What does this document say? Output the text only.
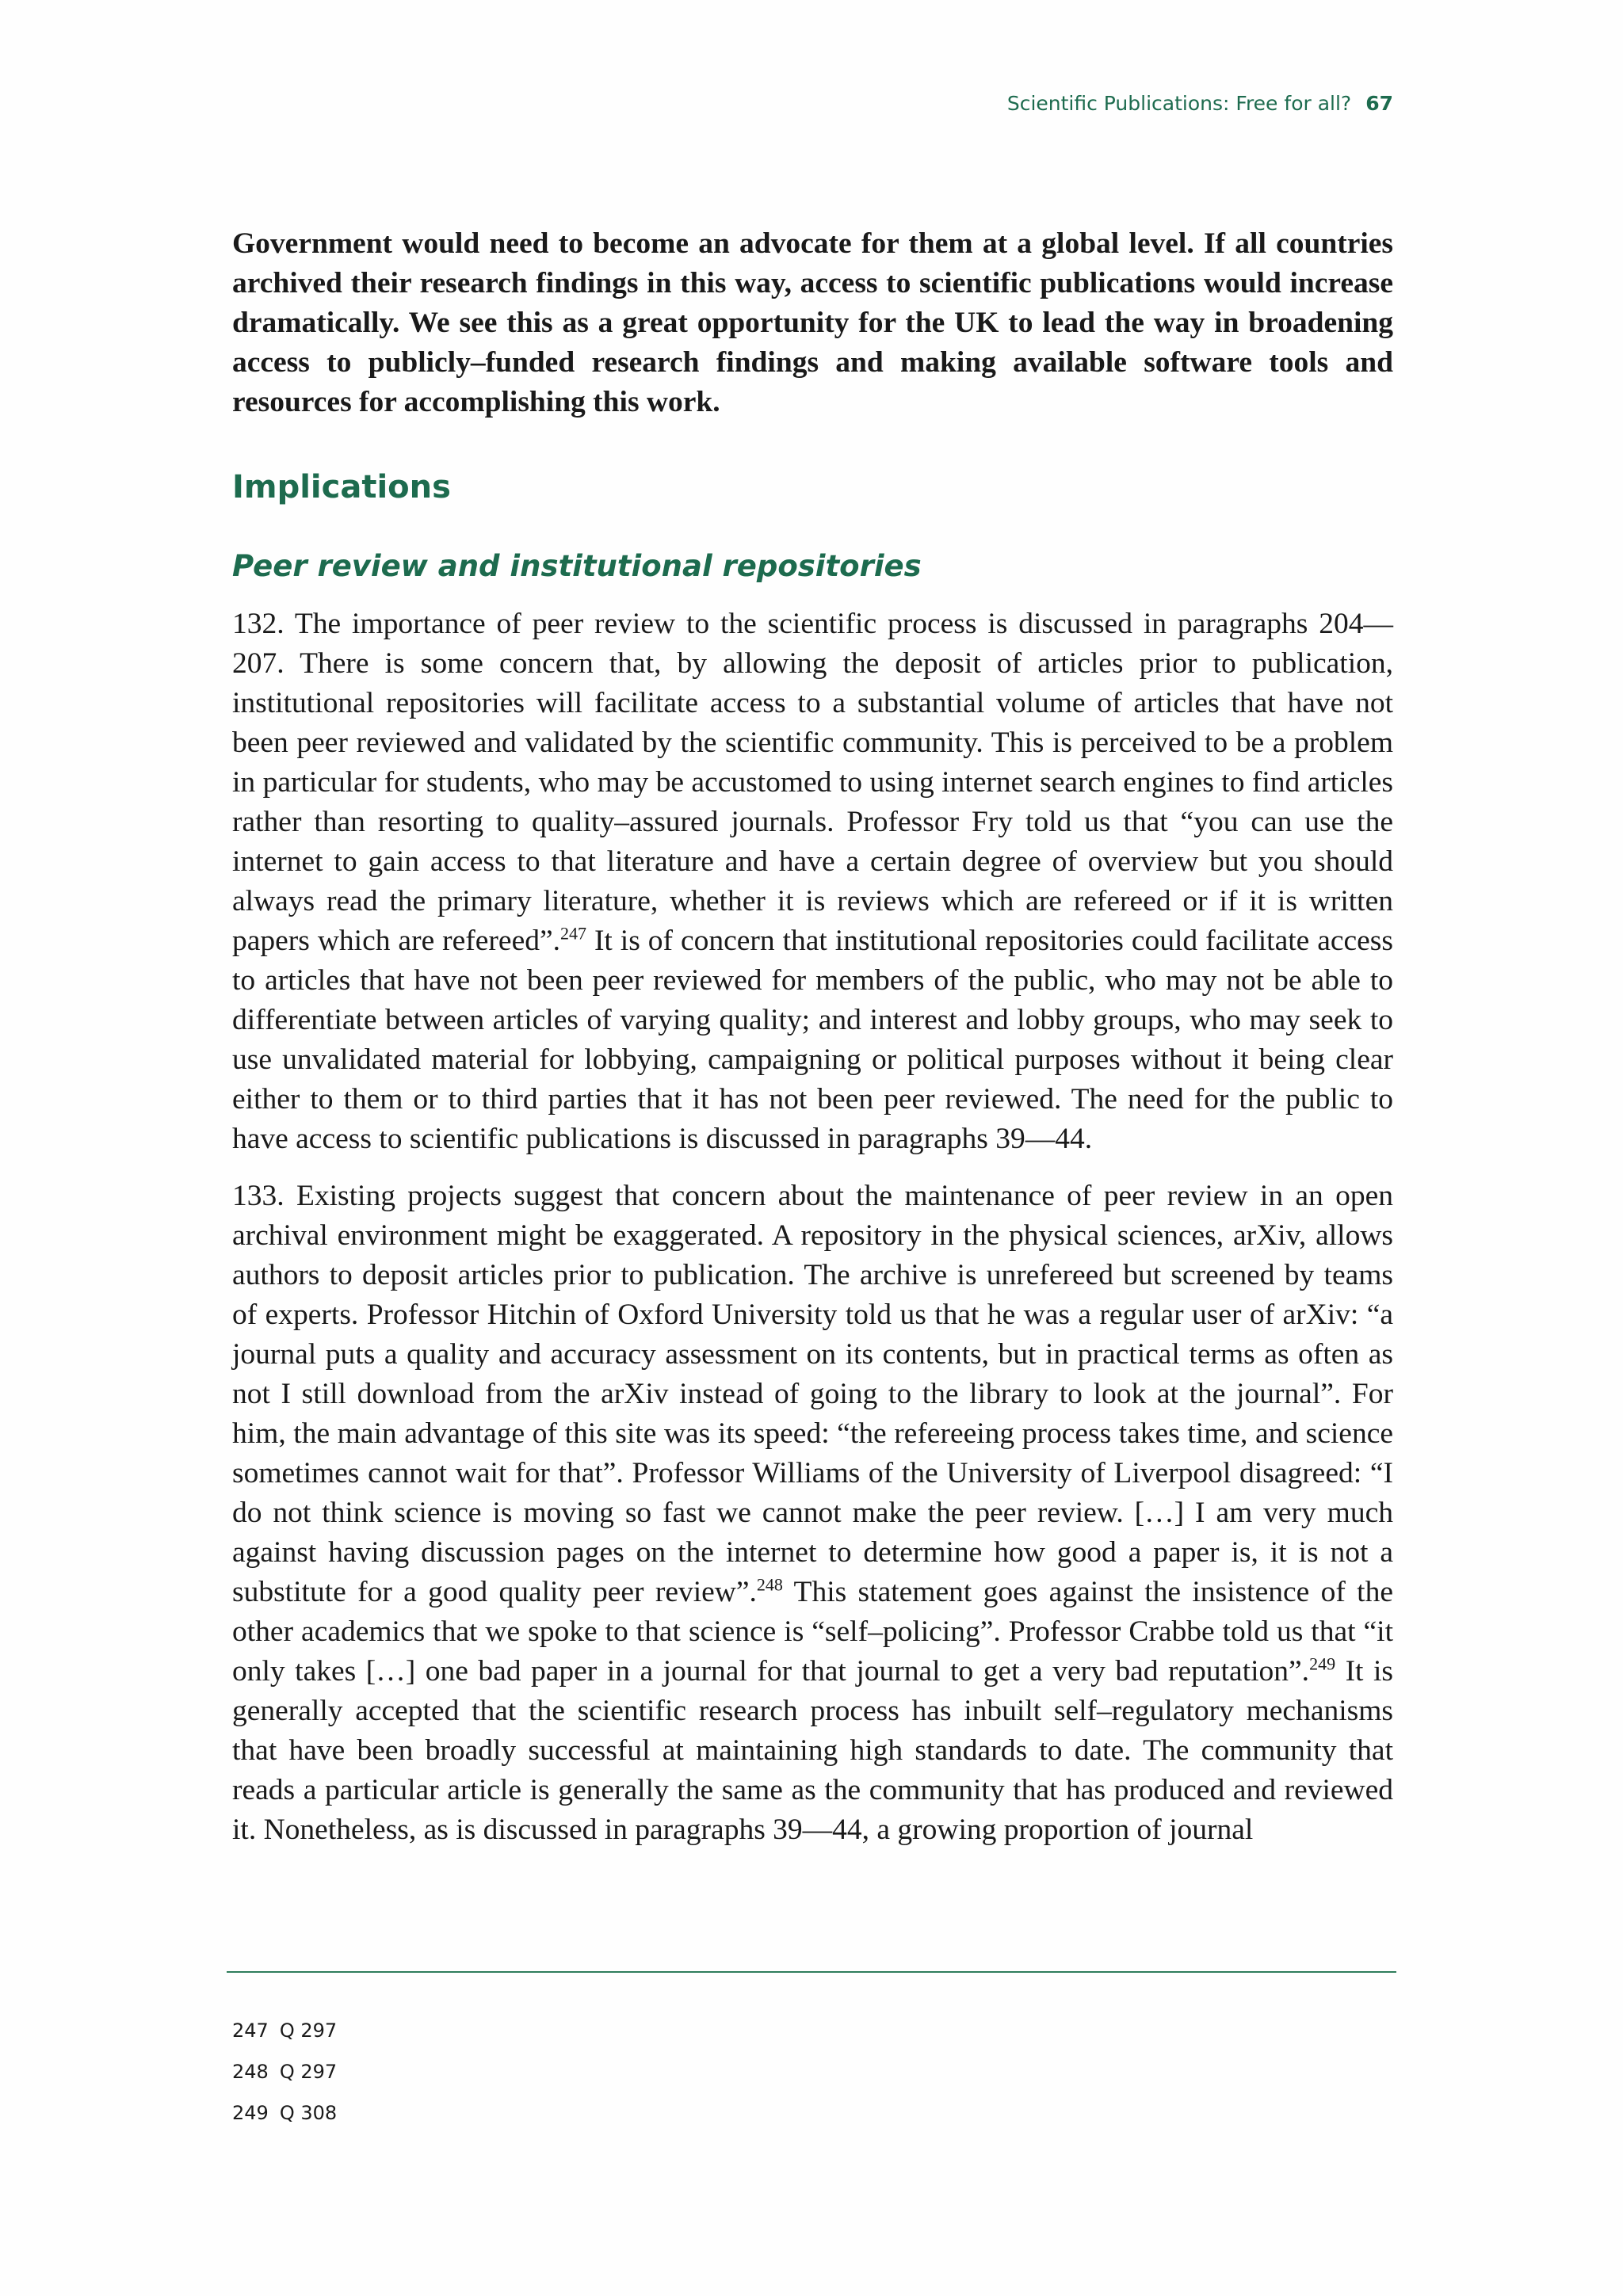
Scientific Publications: Free for all? 67

Government would need to become an advocate for them at a global level. If all countries archived their research findings in this way, access to scientific publications would increase dramatically. We see this as a great opportunity for the UK to lead the way in broadening access to publicly–funded research findings and making available software tools and resources for accomplishing this work.

Implications
Peer review and institutional repositories

132. The importance of peer review to the scientific process is discussed in paragraphs 204—207. There is some concern that, by allowing the deposit of articles prior to publication, institutional repositories will facilitate access to a substantial volume of articles that have not been peer reviewed and validated by the scientific community. This is perceived to be a problem in particular for students, who may be accustomed to using internet search engines to find articles rather than resorting to quality–assured journals. Professor Fry told us that “you can use the internet to gain access to that literature and have a certain degree of overview but you should always read the primary literature, whether it is reviews which are refereed or if it is written papers which are refereed”.$^{247}$ It is of concern that institutional repositories could facilitate access to articles that have not been peer reviewed for members of the public, who may not be able to differentiate between articles of varying quality; and interest and lobby groups, who may seek to use unvalidated material for lobbying, campaigning or political purposes without it being clear either to them or to third parties that it has not been peer reviewed. The need for the public to have access to scientific publications is discussed in paragraphs 39—44.

133. Existing projects suggest that concern about the maintenance of peer review in an open archival environment might be exaggerated. A repository in the physical sciences, arXiv, allows authors to deposit articles prior to publication. The archive is unrefereed but screened by teams of experts. Professor Hitchin of Oxford University told us that he was a regular user of arXiv: “a journal puts a quality and accuracy assessment on its contents, but in practical terms as often as not I still download from the arXiv instead of going to the library to look at the journal”. For him, the main advantage of this site was its speed: “the refereeing process takes time, and science sometimes cannot wait for that”. Professor Williams of the University of Liverpool disagreed: “I do not think science is moving so fast we cannot make the peer review. […] I am very much against having discussion pages on the internet to determine how good a paper is, it is not a substitute for a good quality peer review”.$^{248}$ This statement goes against the insistence of the other academics that we spoke to that science is “self–policing”. Professor Crabbe told us that “it only takes […] one bad paper in a journal for that journal to get a very bad reputation”.$^{249}$ It is generally accepted that the scientific research process has inbuilt self–regulatory mechanisms that have been broadly successful at maintaining high standards to date. The community that reads a particular article is generally the same as the community that has produced and reviewed it. Nonetheless, as is discussed in paragraphs 39—44, a growing proportion of journal

247 Q 297
248 Q 297
249 Q 308
